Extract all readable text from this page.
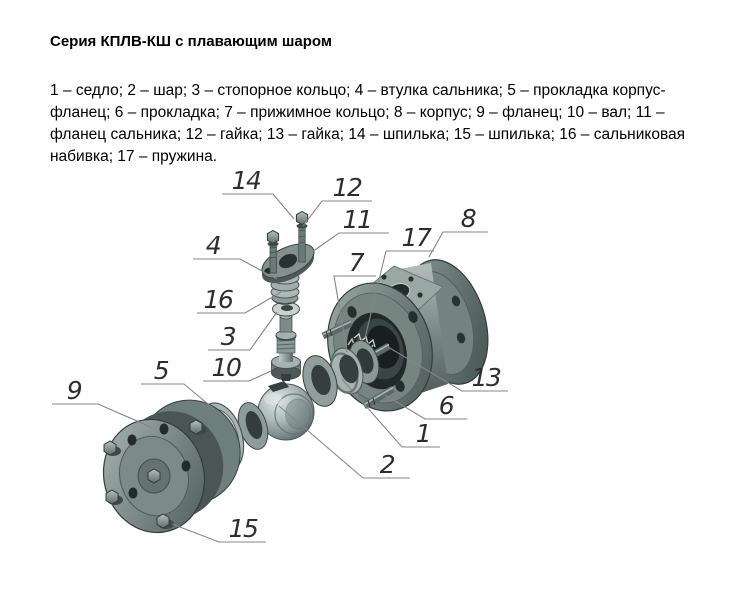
Серия КПЛВ-КШ с плавающим шаром
1 – седло; 2 – шар; 3 – стопорное кольцо; 4 – втулка сальника; 5 – прокладка корпус-фланец; 6 – прокладка; 7 – прижимное кольцо; 8 – корпус; 9 – фланец; 10 – вал; 11 – фланец сальника; 12 – гайка; 13 – гайка; 14 – шпилька; 15 – шпилька; 16 – сальниковая набивка; 17 – пружина.
1
2
3
4
5
6
7
8
9
10
11
12
13
14
15
16
17
